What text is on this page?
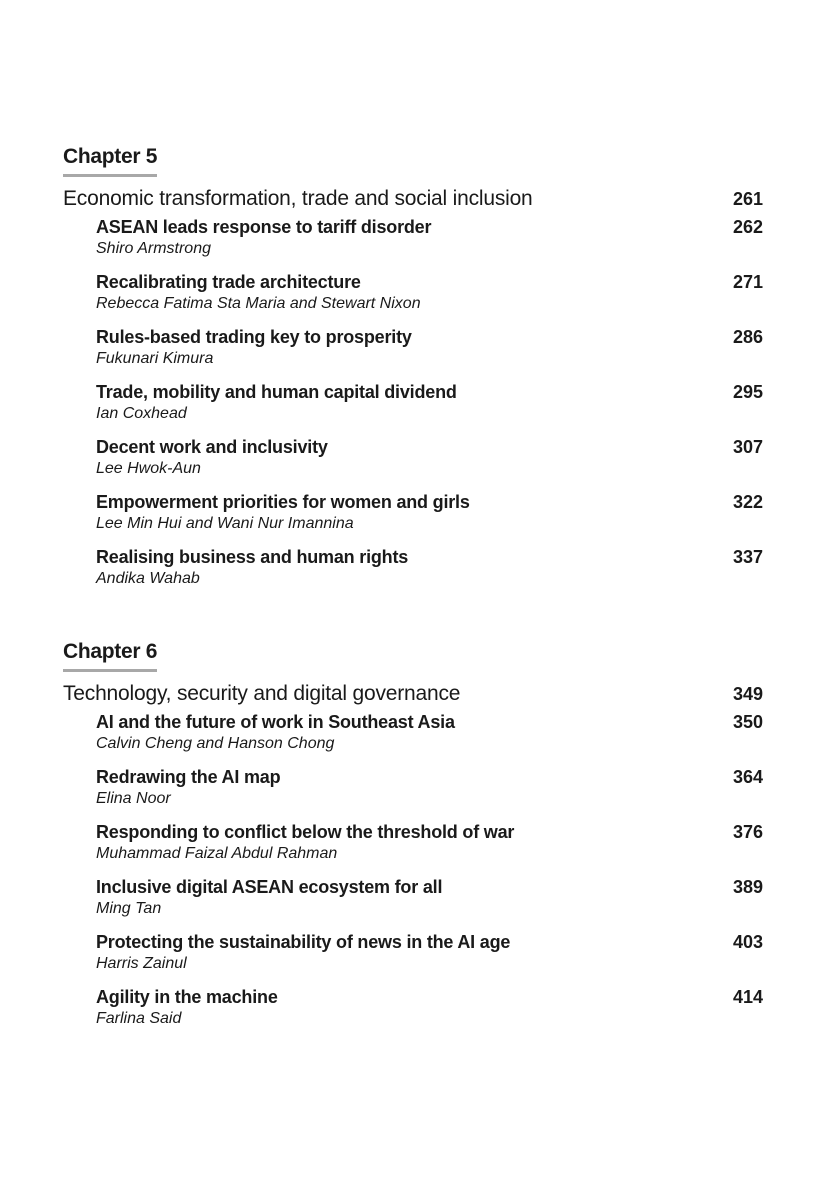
Chapter 5
Economic transformation, trade and social inclusion	261
ASEAN leads response to tariff disorder	262
Shiro Armstrong
Recalibrating trade architecture	271
Rebecca Fatima Sta Maria and Stewart Nixon
Rules-based trading key to prosperity	286
Fukunari Kimura
Trade, mobility and human capital dividend	295
Ian Coxhead
Decent work and inclusivity	307
Lee Hwok-Aun
Empowerment priorities for women and girls	322
Lee Min Hui and Wani Nur Imannina
Realising business and human rights	337
Andika Wahab
Chapter 6
Technology, security and digital governance	349
AI and the future of work in Southeast Asia	350
Calvin Cheng and Hanson Chong
Redrawing the AI map	364
Elina Noor
Responding to conflict below the threshold of war	376
Muhammad Faizal Abdul Rahman
Inclusive digital ASEAN ecosystem for all	389
Ming Tan
Protecting the sustainability of news in the AI age	403
Harris Zainul
Agility in the machine	414
Farlina Said
